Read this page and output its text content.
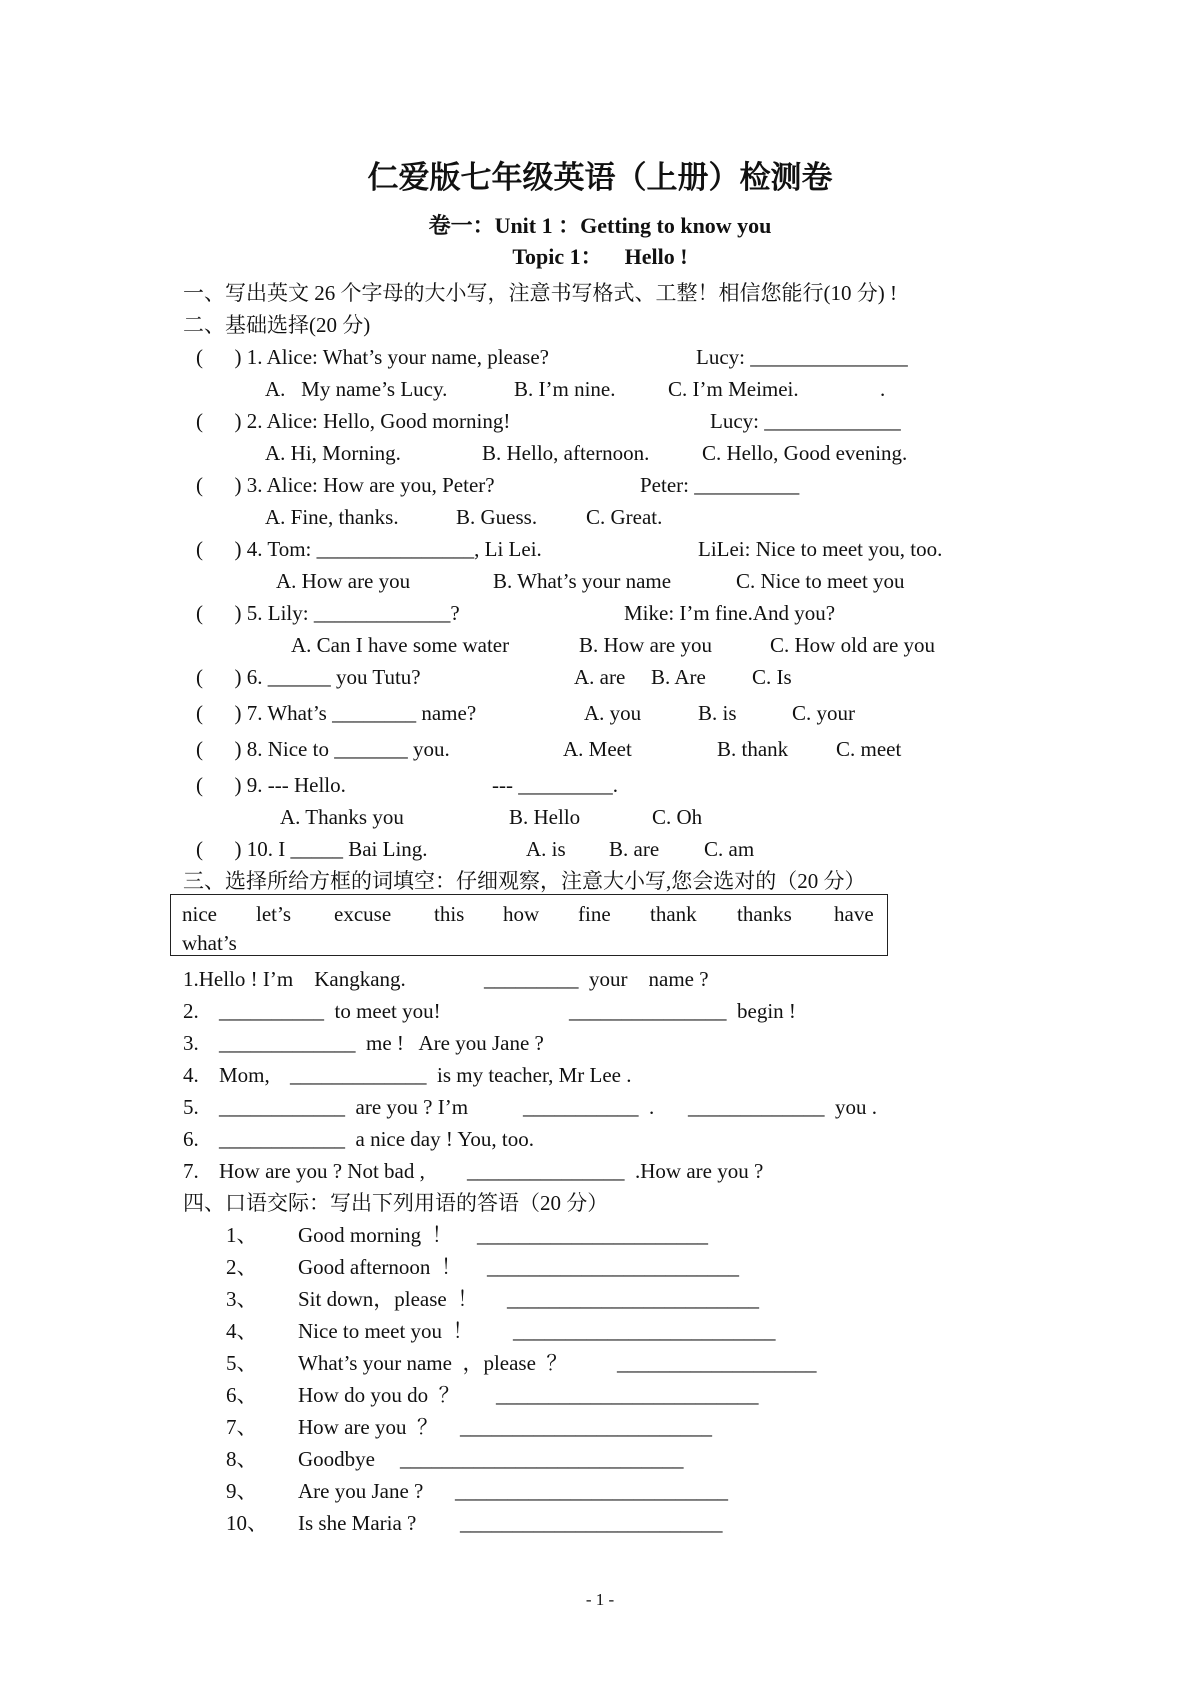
仁爱版七年级英语（上册）检测卷
卷一：Unit 1 ：Getting to know you
Topic 1：    Hello !
一、写出英文 26 个字母的大小写，注意书写格式、工整！相信您能行(10 分) !
二、基础选择(20 分)
(      ) 1. Alice: What’s your name, please?	Lucy: _______________
A.   My name’s Lucy.	B. I’m nine.	C. I’m Meimei.	.
(      ) 2. Alice: Hello, Good morning!	Lucy: _____________
A. Hi, Morning.	B. Hello, afternoon.	C. Hello, Good evening.
(      ) 3. Alice: How are you, Peter?	Peter: __________
A. Fine, thanks.	B. Guess. C. Great.
(      ) 4. Tom: _______________, Li Lei.	LiLei: Nice to meet you, too.
A. How are you	B. What’s your name	C. Nice to meet you
(      ) 5. Lily: _____________?	Mike: I’m fine.And you?
A. Can I have some water	B. How are you	C. How old are you
(      ) 6. ______ you Tutu?	A. are B. Are C. Is
(      ) 7. What’s ________ name?	A. you	B. is	C. your
(      ) 8. Nice to _______ you.	A. Meet	B. thank C. meet
(      ) 9. --- Hello.	--- _________.
A. Thanks you	B. Hello	C. Oh
(      ) 10. I _____ Bai Ling.	A. is B. are C. am
三、选择所给方框的词填空：仔细观察，注意大小写,您会选对的（20 分）
nice let’s excuse this how fine thank thanks have
what’s
1.Hello ! I’m    Kangkang.	_________  your    name ?
2. __________  to meet you!	_______________  begin !
3. _____________  me !   Are you Jane ?
4. Mom, _____________  is my teacher, Mr Lee .
5. ____________  are you ? I’m	___________  . _____________  you .
6. ____________  a nice day ! You, too.
7. How are you ? Not bad , _______________  .How are you ?
四、口语交际：写出下列用语的答语（20 分）
1、 Good morning  ！ ______________________
2、 Good afternoon  ！ ________________________
3、 Sit down，please  ！ ________________________
4、 Nice to meet you  ！ _________________________
5、 What’s your name  ，please  ？ ___________________
6、 How do you do  ？ _________________________
7、 How are you  ？ ________________________
8、 Goodbye ___________________________
9、 Are you Jane ? __________________________
10、 Is she Maria ? _________________________
- 1 -
